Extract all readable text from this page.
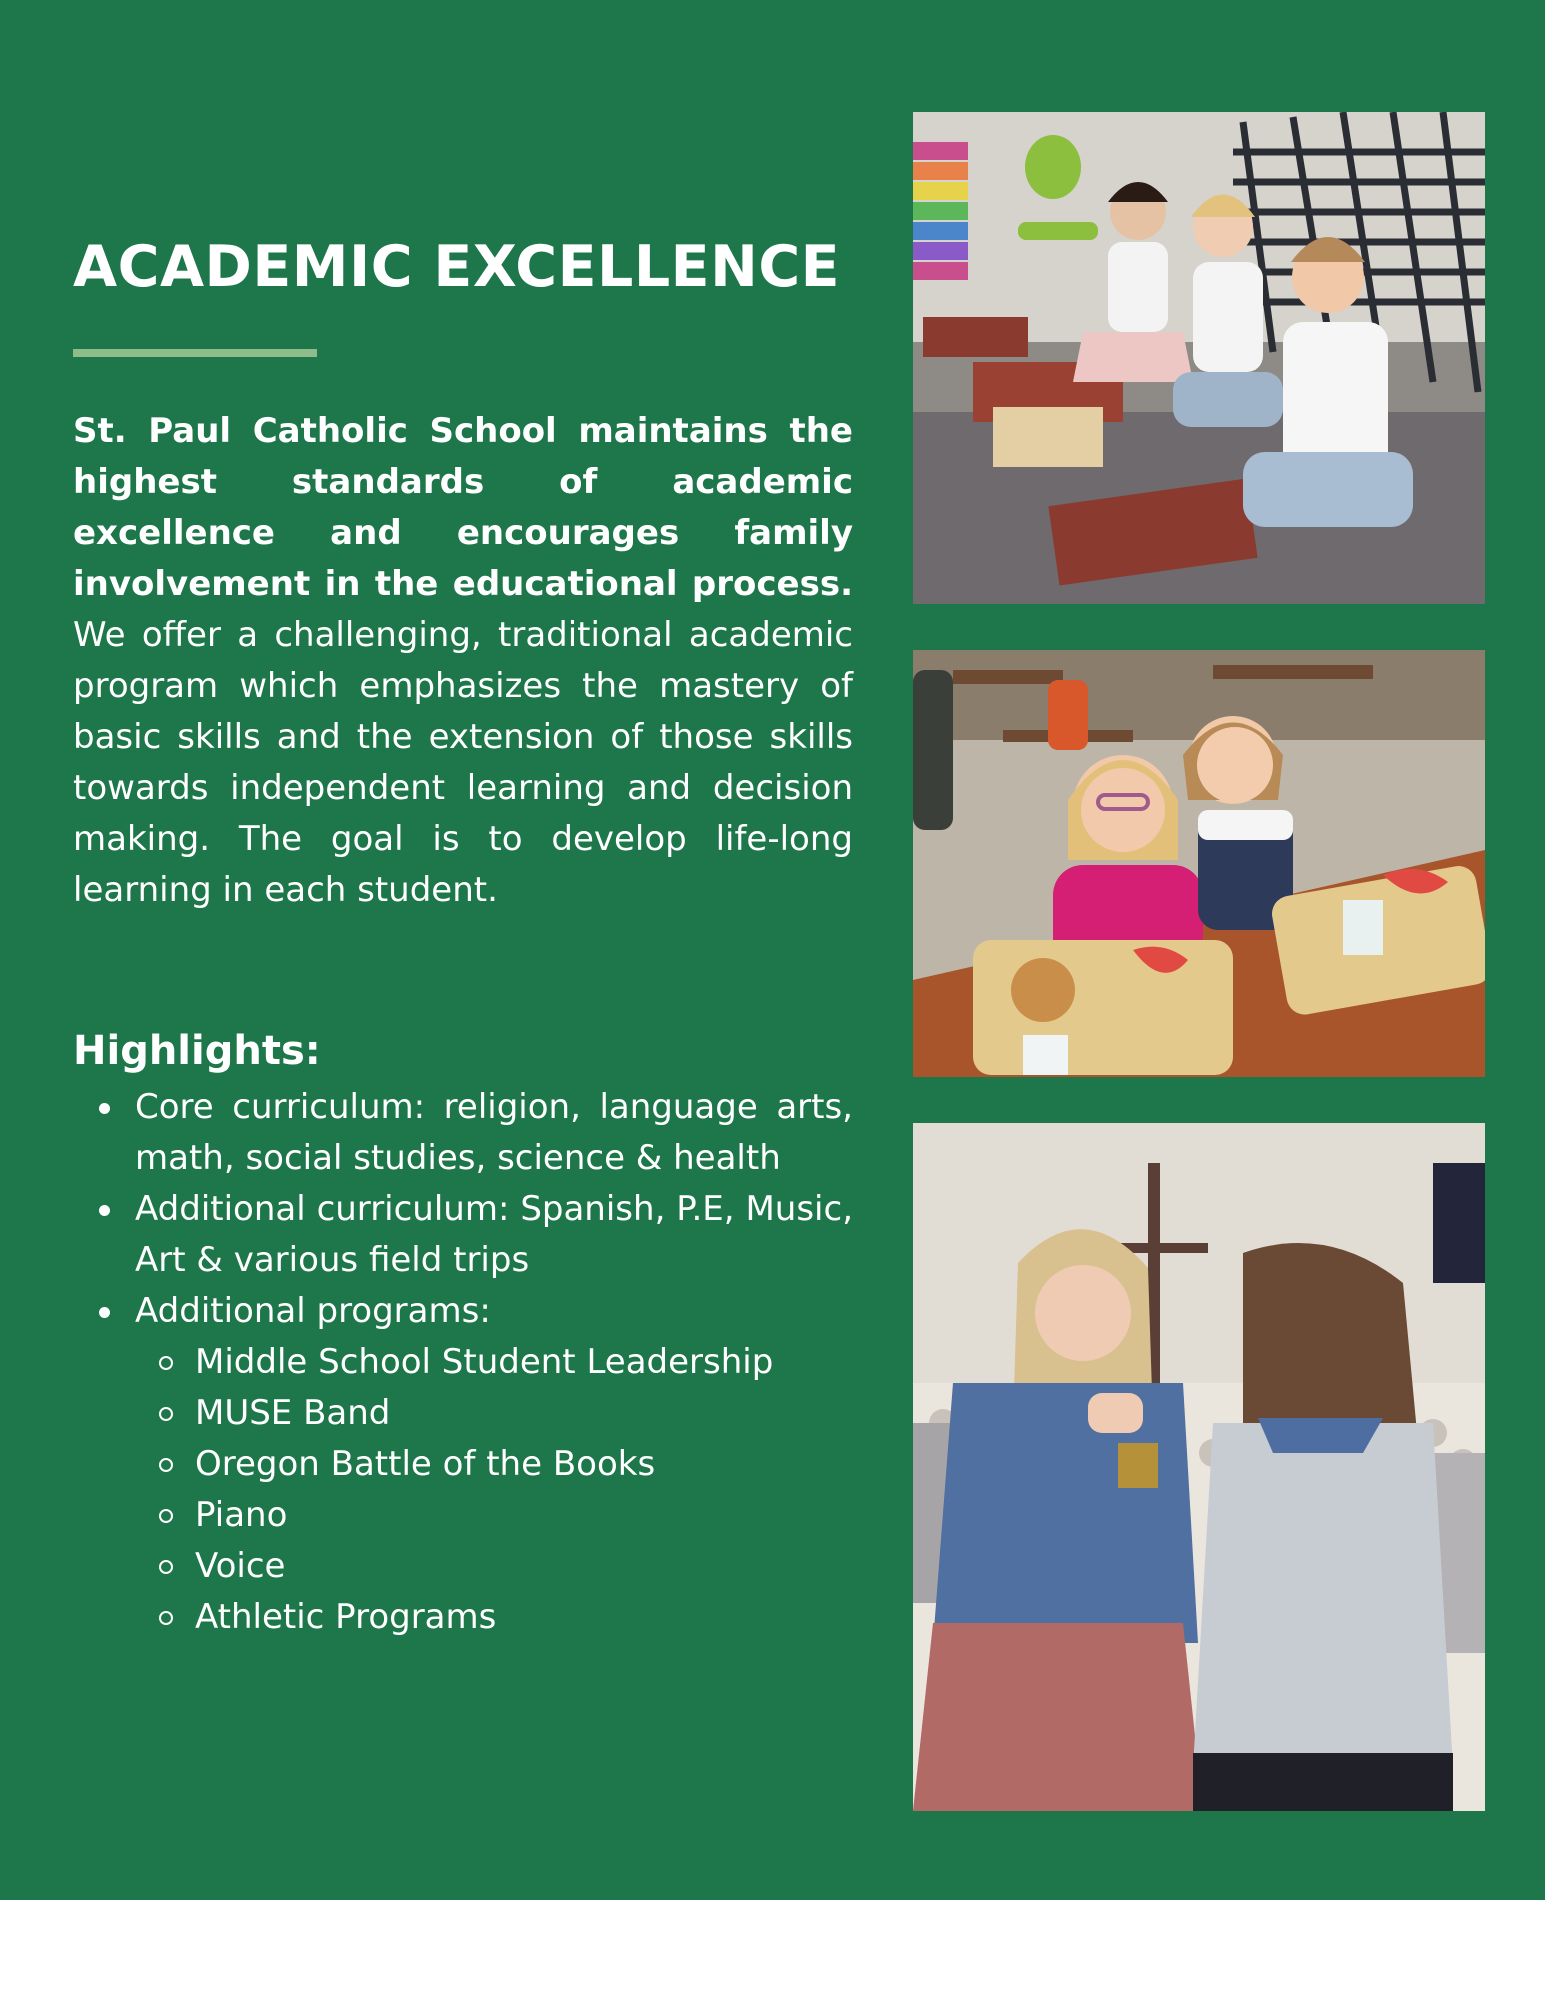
ACADEMIC EXCELLENCE

St. Paul Catholic School maintains the highest standards of academic excellence and encourages family involvement in the educational process. We offer a challenging, traditional academic program which emphasizes the mastery of basic skills and the extension of those skills towards independent learning and decision making. The goal is to develop life-long learning in each student.

Highlights:
Core curriculum: religion, language arts, math, social studies, science & health
Additional curriculum: Spanish, P.E, Music, Art & various field trips
Additional programs:
Middle School Student Leadership
MUSE Band
Oregon Battle of the Books
Piano
Voice
Athletic Programs
